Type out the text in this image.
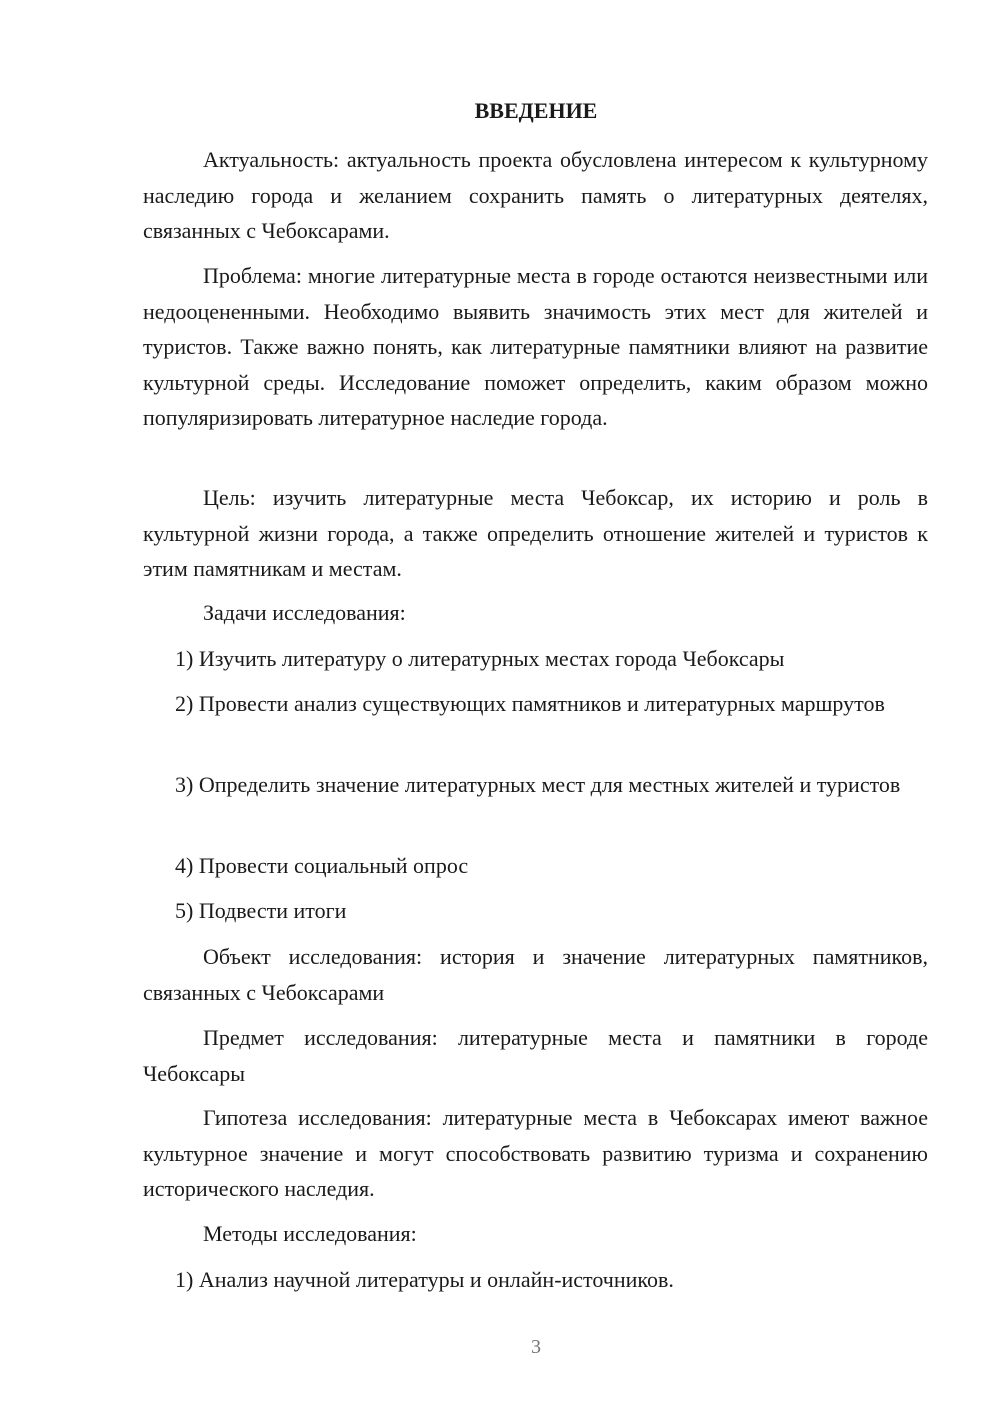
ВВЕДЕНИЕ

Актуальность: актуальность проекта обусловлена интересом к культурному наследию города и желанием сохранить память о литературных деятелях, связанных с Чебоксарами.

Проблема: многие литературные места в городе остаются неизвестными или недооцененными. Необходимо выявить значимость этих мест для жителей и туристов. Также важно понять, как литературные памятники влияют на развитие культурной среды. Исследование поможет определить, каким образом можно популяризировать литературное наследие города.

Цель: изучить литературные места Чебоксар, их историю и роль в культурной жизни города, а также определить отношение жителей и туристов к этим памятникам и местам.

Задачи исследования:

1) Изучить литературу о литературных местах города Чебоксары

2) Провести анализ существующих памятников и литературных маршрутов

3) Определить значение литературных мест для местных жителей и туристов

4) Провести социальный опрос

5) Подвести итоги

Объект исследования: история и значение литературных памятников, связанных с Чебоксарами

Предмет исследования: литературные места и памятники в городе Чебоксары

Гипотеза исследования: литературные места в Чебоксарах имеют важное культурное значение и могут способствовать развитию туризма и сохранению исторического наследия.

Методы исследования:

1) Анализ научной литературы и онлайн-источников.

3
